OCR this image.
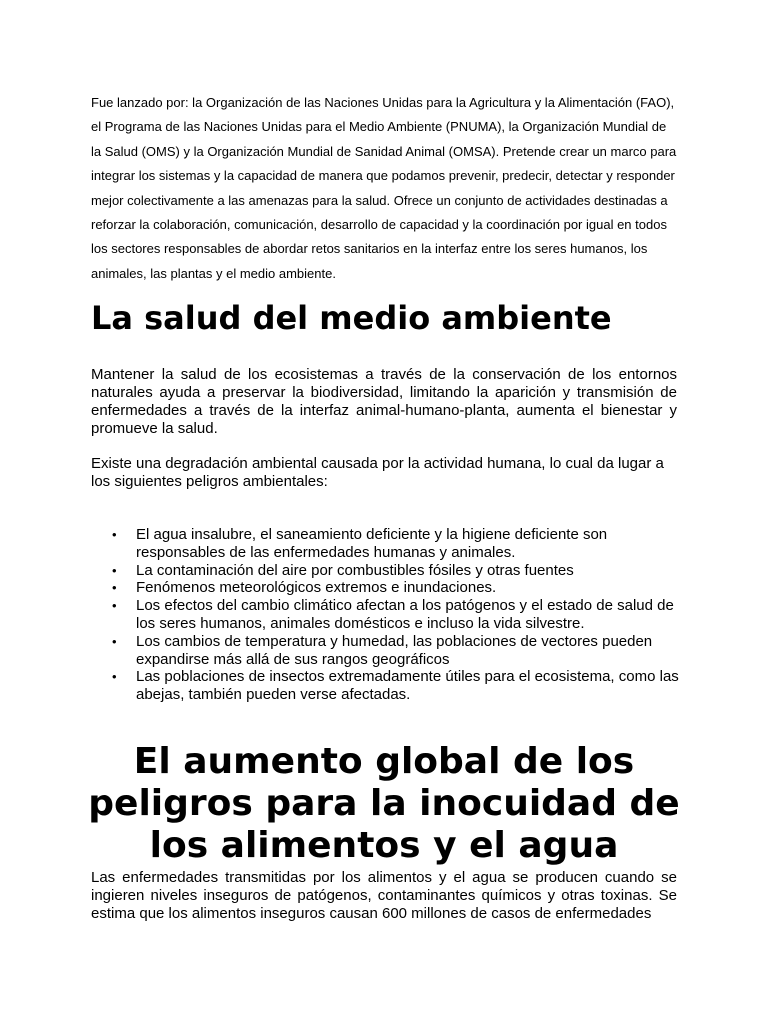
Fue lanzado por: la Organización de las Naciones Unidas para la Agricultura y la Alimentación (FAO), el Programa de las Naciones Unidas para el Medio Ambiente (PNUMA), la Organización Mundial de la Salud (OMS) y la Organización Mundial de Sanidad Animal (OMSA). Pretende crear un marco para integrar los sistemas y la capacidad de manera que podamos prevenir, predecir, detectar y responder mejor colectivamente a las amenazas para la salud. Ofrece un conjunto de actividades destinadas a reforzar la colaboración, comunicación, desarrollo de capacidad y la coordinación por igual en todos los sectores responsables de abordar retos sanitarios en la interfaz entre los seres humanos, los animales, las plantas y el medio ambiente.

La salud del medio ambiente

Mantener la salud de los ecosistemas a través de la conservación de los entornos naturales ayuda a preservar la biodiversidad, limitando la aparición y transmisión de enfermedades a través de la interfaz animal-humano-planta, aumenta el bienestar y promueve la salud.

Existe una degradación ambiental causada por la actividad humana, lo cual da lugar a los siguientes peligros ambientales:

• El agua insalubre, el saneamiento deficiente y la higiene deficiente son responsables de las enfermedades humanas y animales.
• La contaminación del aire por combustibles fósiles y otras fuentes
• Fenómenos meteorológicos extremos e inundaciones.
• Los efectos del cambio climático afectan a los patógenos y el estado de salud de los seres humanos, animales domésticos e incluso la vida silvestre.
• Los cambios de temperatura y humedad, las poblaciones de vectores pueden expandirse más allá de sus rangos geográficos
• Las poblaciones de insectos extremadamente útiles para el ecosistema, como las abejas, también pueden verse afectadas.
El aumento global de los peligros para la inocuidad de los alimentos y el agua

Las enfermedades transmitidas por los alimentos y el agua se producen cuando se ingieren niveles inseguros de patógenos, contaminantes químicos y otras toxinas. Se estima que los alimentos inseguros causan 600 millones de casos de enfermedades
